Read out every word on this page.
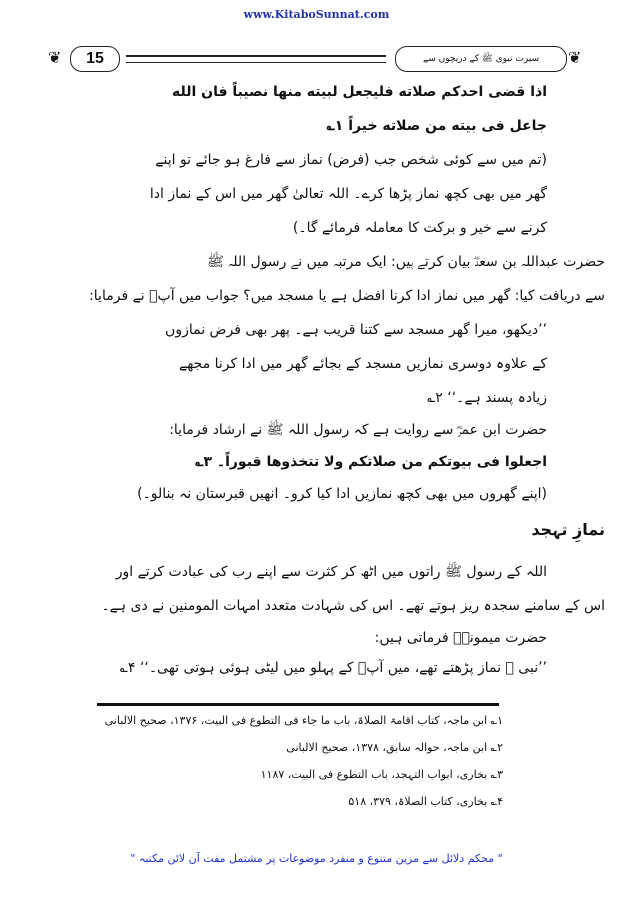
www.KitaboSunnat.com
❦	15	سیرت نبوی ﷺ کے دریچوں سے	❦
اذا قضی احدکم صلاته فليجعل لبيته منها نصيباً فان الله
جاعل فی بيته من صلاته خيراً ۱؎
(تم میں سے کوئی شخص جب (فرض) نماز سے فارغ ہو جائے تو اپنے
گھر میں بھی کچھ نماز پڑھا کرے۔ اللہ تعالیٰ گھر میں اس کے نماز ادا
کرنے سے خیر و برکت کا معاملہ فرمائے گا۔)
حضرت عبداللہ بن سعدؓ بیان کرتے ہیں: ایک مرتبہ میں نے رسول اللہ ﷺ
سے دریافت کیا: گھر میں نماز ادا کرنا افضل ہے یا مسجد میں؟ جواب میں آپؐ نے فرمایا:
’’دیکھو، میرا گھر مسجد سے کتنا قریب ہے۔ پھر بھی فرض نمازوں
کے علاوہ دوسری نمازیں مسجد کے بجائے گھر میں ادا کرنا مجھے
زیادہ پسند ہے۔‘‘ ۲؎
حضرت ابن عمرؓ سے روایت ہے کہ رسول اللہ ﷺ نے ارشاد فرمایا:
اجعلوا فی بيوتكم من صلاتكم ولا تتخذوها قبوراً۔ ۳؎
(اپنے گھروں میں بھی کچھ نمازیں ادا کیا کرو۔ انھیں قبرستان نہ بنالو۔)
نمازِ تہجد
اللہ کے رسول ﷺ راتوں میں اٹھ کر کثرت سے اپنے رب کی عبادت کرتے اور
اس کے سامنے سجدہ ریز ہوتے تھے۔ اس کی شہادت متعدد امہات المومنین نے دی ہے۔
حضرت میمونہؓ فرماتی ہیں:
’’نبی ﷺ نماز پڑھتے تھے، میں آپؐ کے پہلو میں لیٹی ہوئی ہوتی تھی۔‘‘ ۴؎
۱؎ ابن ماجہ، کتاب اقامۃ الصلاۃ، باب ما جاء فی التطوع فی البیت، ۱۳۷۶، صحیح الالبانی
۲؎ ابن ماجہ، حوالہ سابق، ۱۳۷۸، صحیح الالبانی
۳؎ بخاری، ابواب التہجد، باب التطوع فی البیت، ۱۱۸۷
۴؎ بخاری، کتاب الصلاۃ، ۳۷۹، ۵۱۸
" محکم دلائل سے مزین متنوع و منفرد موضوعات پر مشتمل مفت آن لائن مکتبہ "
